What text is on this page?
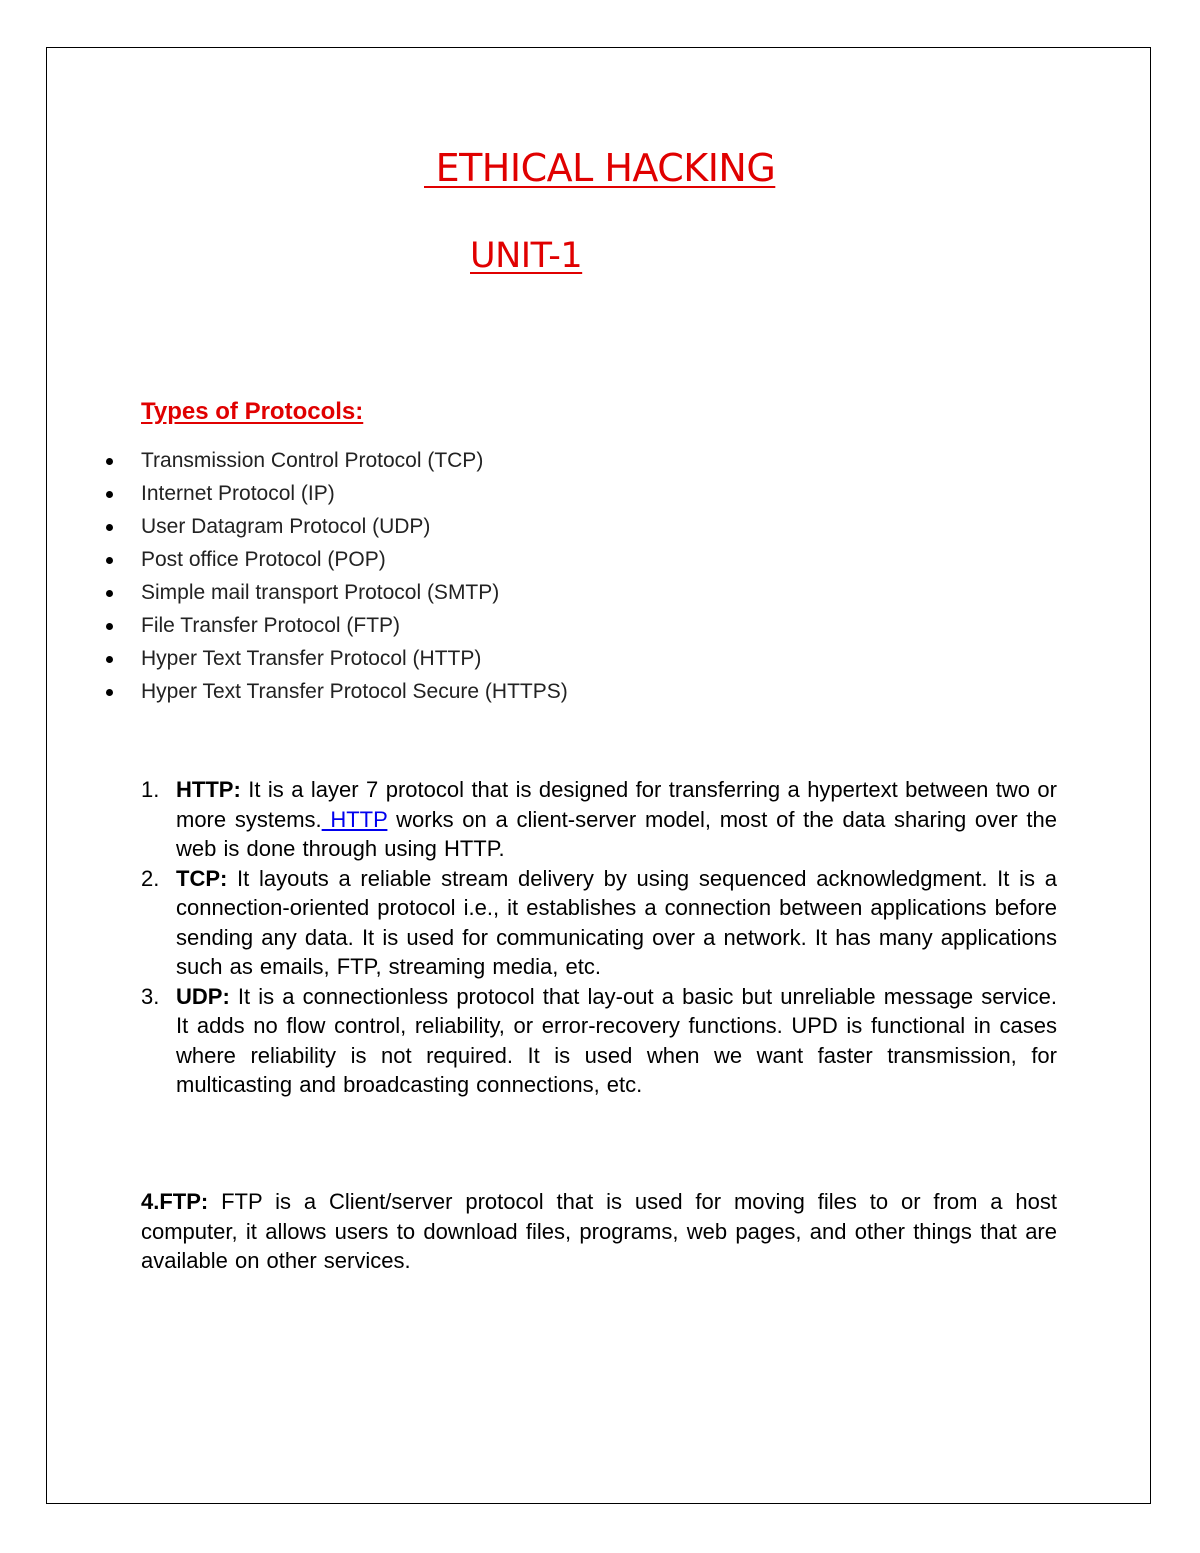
ETHICAL HACKING
UNIT-1
Types of Protocols:
Transmission Control Protocol (TCP)
Internet Protocol (IP)
User Datagram Protocol (UDP)
Post office Protocol (POP)
Simple mail transport Protocol (SMTP)
File Transfer Protocol (FTP)
Hyper Text Transfer Protocol (HTTP)
Hyper Text Transfer Protocol Secure (HTTPS)
1. HTTP: It is a layer 7 protocol that is designed for transferring a hypertext between two or more systems. HTTP works on a client-server model, most of the data sharing over the web is done through using HTTP.
2. TCP: It layouts a reliable stream delivery by using sequenced acknowledgment. It is a connection-oriented protocol i.e., it establishes a connection between applications before sending any data. It is used for communicating over a network. It has many applications such as emails, FTP, streaming media, etc.
3. UDP: It is a connectionless protocol that lay-out a basic but unreliable message service. It adds no flow control, reliability, or error-recovery functions. UPD is functional in cases where reliability is not required. It is used when we want faster transmission, for multicasting and broadcasting connections, etc.

4.FTP: FTP is a Client/server protocol that is used for moving files to or from a host computer, it allows users to download files, programs, web pages, and other things that are available on other services.
